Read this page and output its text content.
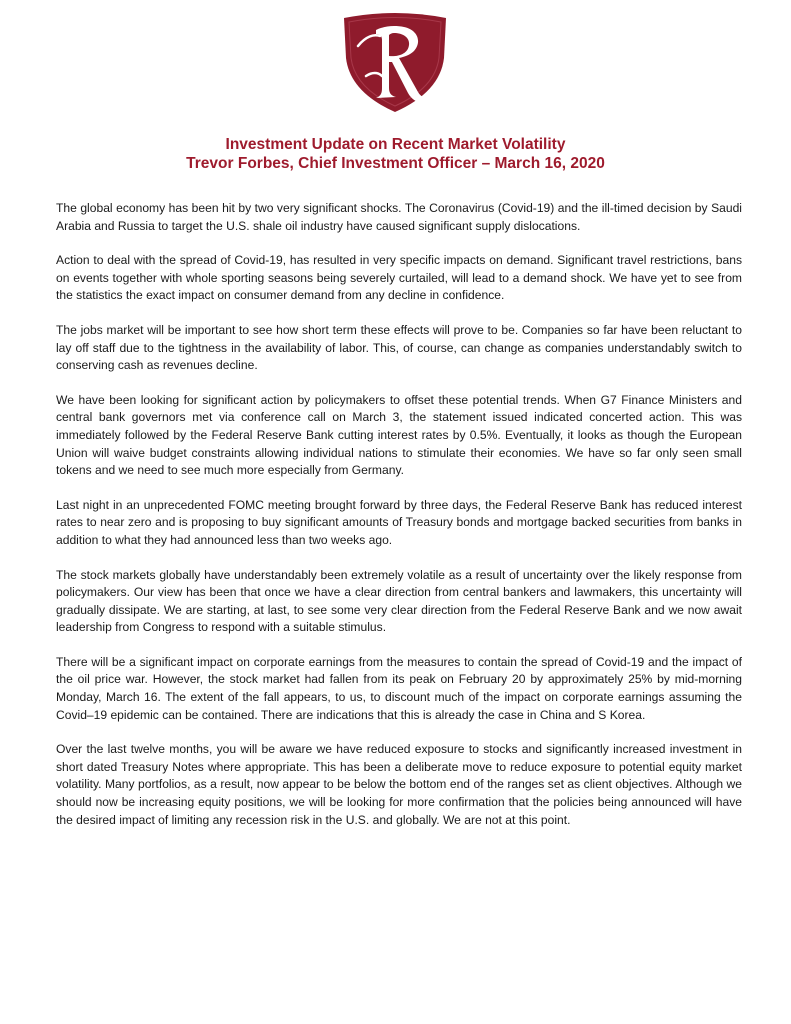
Investment Update on Recent Market Volatility
Trevor Forbes, Chief Investment Officer – March 16, 2020

The global economy has been hit by two very significant shocks. The Coronavirus (Covid-19) and the ill-timed decision by Saudi Arabia and Russia to target the U.S. shale oil industry have caused significant supply dislocations.

Action to deal with the spread of Covid-19, has resulted in very specific impacts on demand. Significant travel restrictions, bans on events together with whole sporting seasons being severely curtailed, will lead to a demand shock. We have yet to see from the statistics the exact impact on consumer demand from any decline in confidence.

The jobs market will be important to see how short term these effects will prove to be. Companies so far have been reluctant to lay off staff due to the tightness in the availability of labor. This, of course, can change as companies understandably switch to conserving cash as revenues decline.

We have been looking for significant action by policymakers to offset these potential trends. When G7 Finance Ministers and central bank governors met via conference call on March 3, the statement issued indicated concerted action. This was immediately followed by the Federal Reserve Bank cutting interest rates by 0.5%. Eventually, it looks as though the European Union will waive budget constraints allowing individual nations to stimulate their economies. We have so far only seen small tokens and we need to see much more especially from Germany.

Last night in an unprecedented FOMC meeting brought forward by three days, the Federal Reserve Bank has reduced interest rates to near zero and is proposing to buy significant amounts of Treasury bonds and mortgage backed securities from banks in addition to what they had announced less than two weeks ago.

The stock markets globally have understandably been extremely volatile as a result of uncertainty over the likely response from policymakers. Our view has been that once we have a clear direction from central bankers and lawmakers, this uncertainty will gradually dissipate. We are starting, at last, to see some very clear direction from the Federal Reserve Bank and we now await leadership from Congress to respond with a suitable stimulus.

There will be a significant impact on corporate earnings from the measures to contain the spread of Covid-19 and the impact of the oil price war. However, the stock market had fallen from its peak on February 20 by approximately 25% by mid-morning Monday, March 16. The extent of the fall appears, to us, to discount much of the impact on corporate earnings assuming the Covid–19 epidemic can be contained. There are indications that this is already the case in China and S Korea.

Over the last twelve months, you will be aware we have reduced exposure to stocks and significantly increased investment in short dated Treasury Notes where appropriate. This has been a deliberate move to reduce exposure to potential equity market volatility. Many portfolios, as a result, now appear to be below the bottom end of the ranges set as client objectives. Although we should now be increasing equity positions, we will be looking for more confirmation that the policies being announced will have the desired impact of limiting any recession risk in the U.S. and globally. We are not at this point.
